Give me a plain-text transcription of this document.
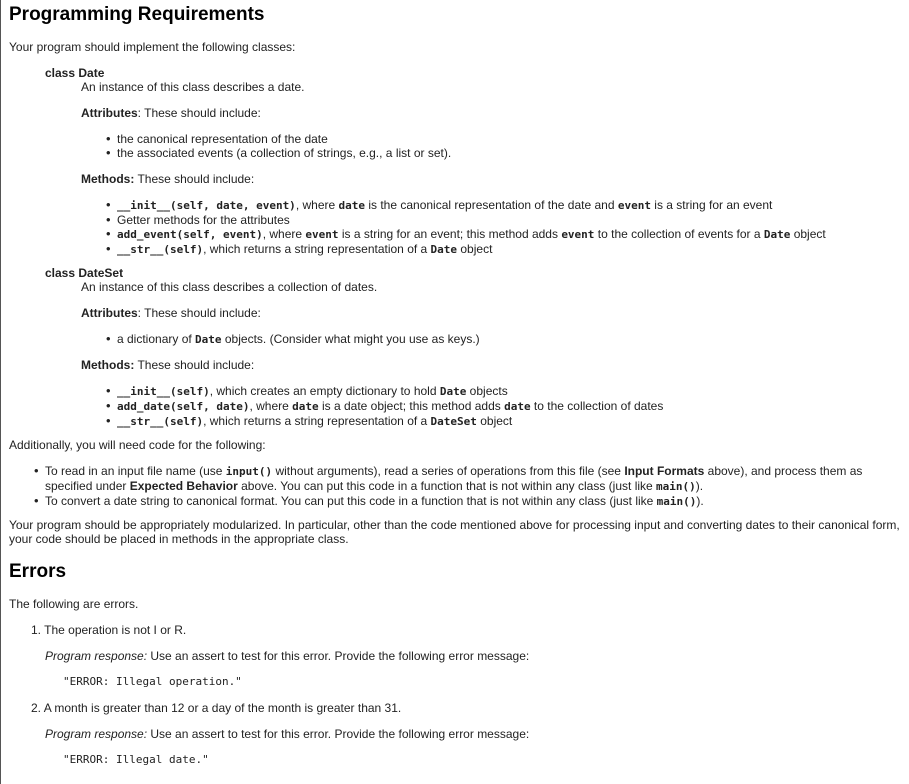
Programming Requirements

Your program should implement the following classes:

class Date

An instance of this class describes a date.

Attributes: These should include:

• the canonical representation of the date
• the associated events (a collection of strings, e.g., a list or set).

Methods: These should include:

• __init__(self, date, event), where date is the canonical representation of the date and event is a string for an event
• Getter methods for the attributes
• add_event(self, event), where event is a string for an event; this method adds event to the collection of events for a Date object
• __str__(self), which returns a string representation of a Date object

class DateSet

An instance of this class describes a collection of dates.

Attributes: These should include:

• a dictionary of Date objects. (Consider what might you use as keys.)

Methods: These should include:

• __init__(self), which creates an empty dictionary to hold Date objects
• add_date(self, date), where date is a date object; this method adds date to the collection of dates
• __str__(self), which returns a string representation of a DateSet object

Additionally, you will need code for the following:

• To read in an input file name (use input() without arguments), read a series of operations from this file (see Input Formats above), and process them as
specified under Expected Behavior above. You can put this code in a function that is not within any class (just like main()).
• To convert a date string to canonical format. You can put this code in a function that is not within any class (just like main()).

Your program should be appropriately modularized. In particular, other than the code mentioned above for processing input and converting dates to their canonical form,
your code should be placed in methods in the appropriate class.

Errors

The following are errors.

1. The operation is not I or R.

Program response: Use an assert to test for this error. Provide the following error message:

"ERROR: Illegal operation."

2. A month is greater than 12 or a day of the month is greater than 31.

Program response: Use an assert to test for this error. Provide the following error message:

"ERROR: Illegal date."
